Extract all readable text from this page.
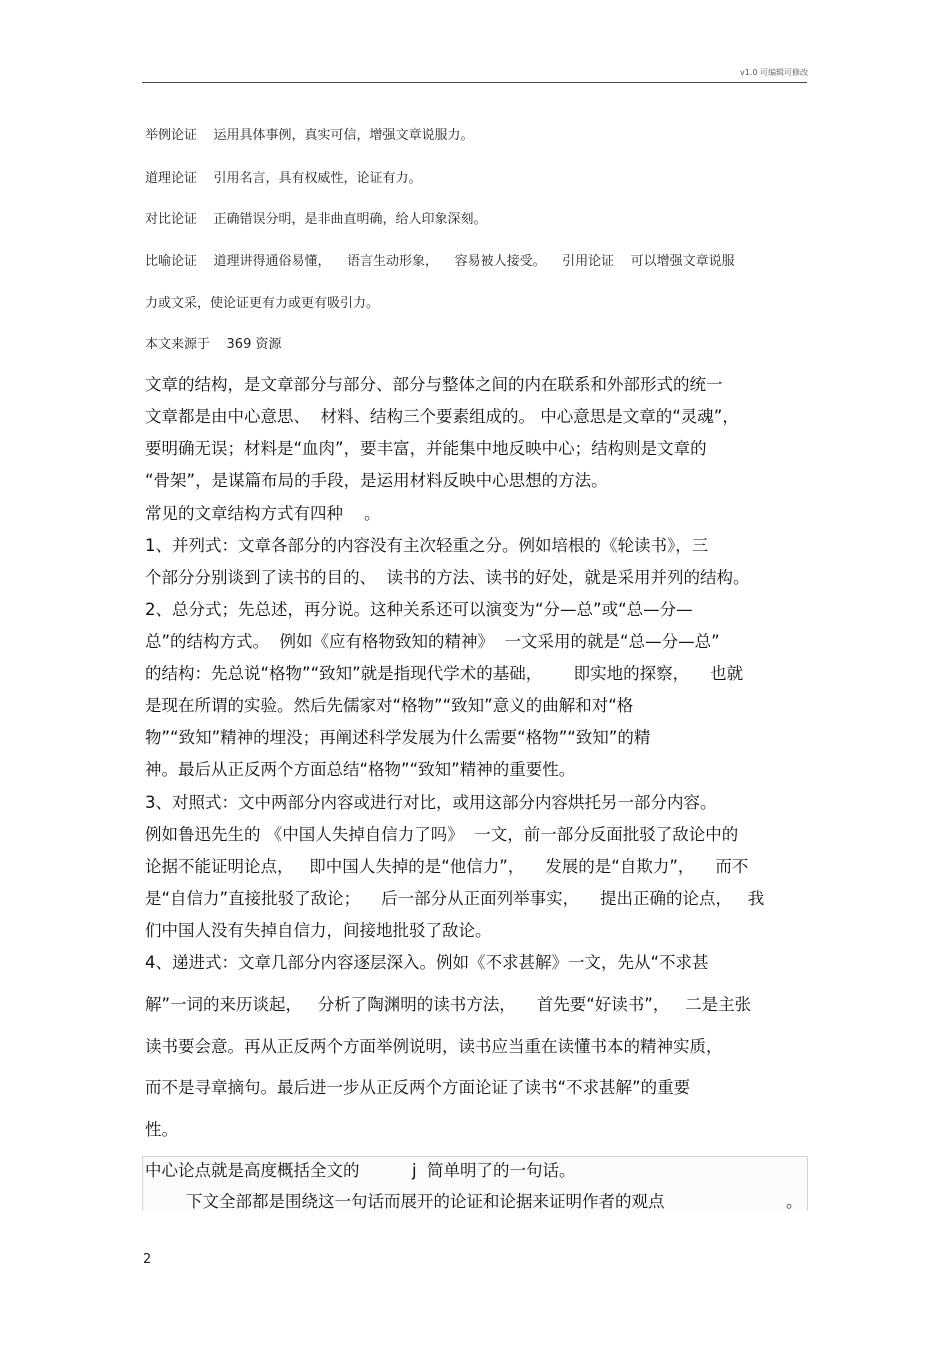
v1.0 可编辑可修改
举例论证    运用具体事例，真实可信，增强文章说服力。
道理论证    引用名言，具有权威性，论证有力。
对比论证    正确错误分明，是非曲直明确，给人印象深刻。
比喻论证    道理讲得通俗易懂，    语言生动形象，    容易被人接受。    引用论证    可以增强文章说服
力或文采，使论证更有力或更有吸引力。
本文来源于    369 资源
文章的结构，是文章部分与部分、部分与整体之间的内在联系和外部形式的统一
文章都是由中心意思、  材料、结构三个要素组成的。 中心意思是文章的“灵魂”，
要明确无误；材料是“血肉”，要丰富，并能集中地反映中心；结构则是文章的
“骨架”，是谋篇布局的手段，是运用材料反映中心思想的方法。
常见的文章结构方式有四种    。
1、并列式：文章各部分的内容没有主次轻重之分。例如培根的《轮读书》，三
个部分分别谈到了读书的目的、  读书的方法、读书的好处，就是采用并列的结构。
2、总分式；先总述，再分说。这种关系还可以演变为“分—总”或“总—分—
总”的结构方式。  例如《应有格物致知的精神》  一文采用的就是“总—分—总”
的结构：先总说“格物”“致知”就是指现代学术的基础，      即实地的探察，    也就
是现在所谓的实验。然后先儒家对“格物”“致知”意义的曲解和对“格
物”“致知”精神的埋没；再阐述科学发展为什么需要“格物”“致知”的精
神。最后从正反两个方面总结“格物”“致知”精神的重要性。
3、对照式：文中两部分内容或进行对比，或用这部分内容烘托另一部分内容。
例如鲁迅先生的 《中国人失掉自信力了吗》  一文，前一部分反面批驳了敌论中的
论据不能证明论点，   即中国人失掉的是“他信力”，    发展的是“自欺力”，    而不
是“自信力”直接批驳了敌论；    后一部分从正面列举事实，    提出正确的论点，   我
们中国人没有失掉自信力，间接地批驳了敌论。
4、递进式：文章几部分内容逐层深入。例如《不求甚解》一文，先从“不求甚
解”一词的来历谈起，   分析了陶渊明的读书方法，    首先要“好读书”，   二是主张
读书要会意。再从正反两个方面举例说明，读书应当重在读懂书本的精神实质，
而不是寻章摘句。最后进一步从正反两个方面论证了读书“不求甚解”的重要
性。
中心论点就是高度概括全文的          j  简单明了的一句话。
下文全部都是围绕这一句话而展开的论证和论据来证明作者的观点	。
2
